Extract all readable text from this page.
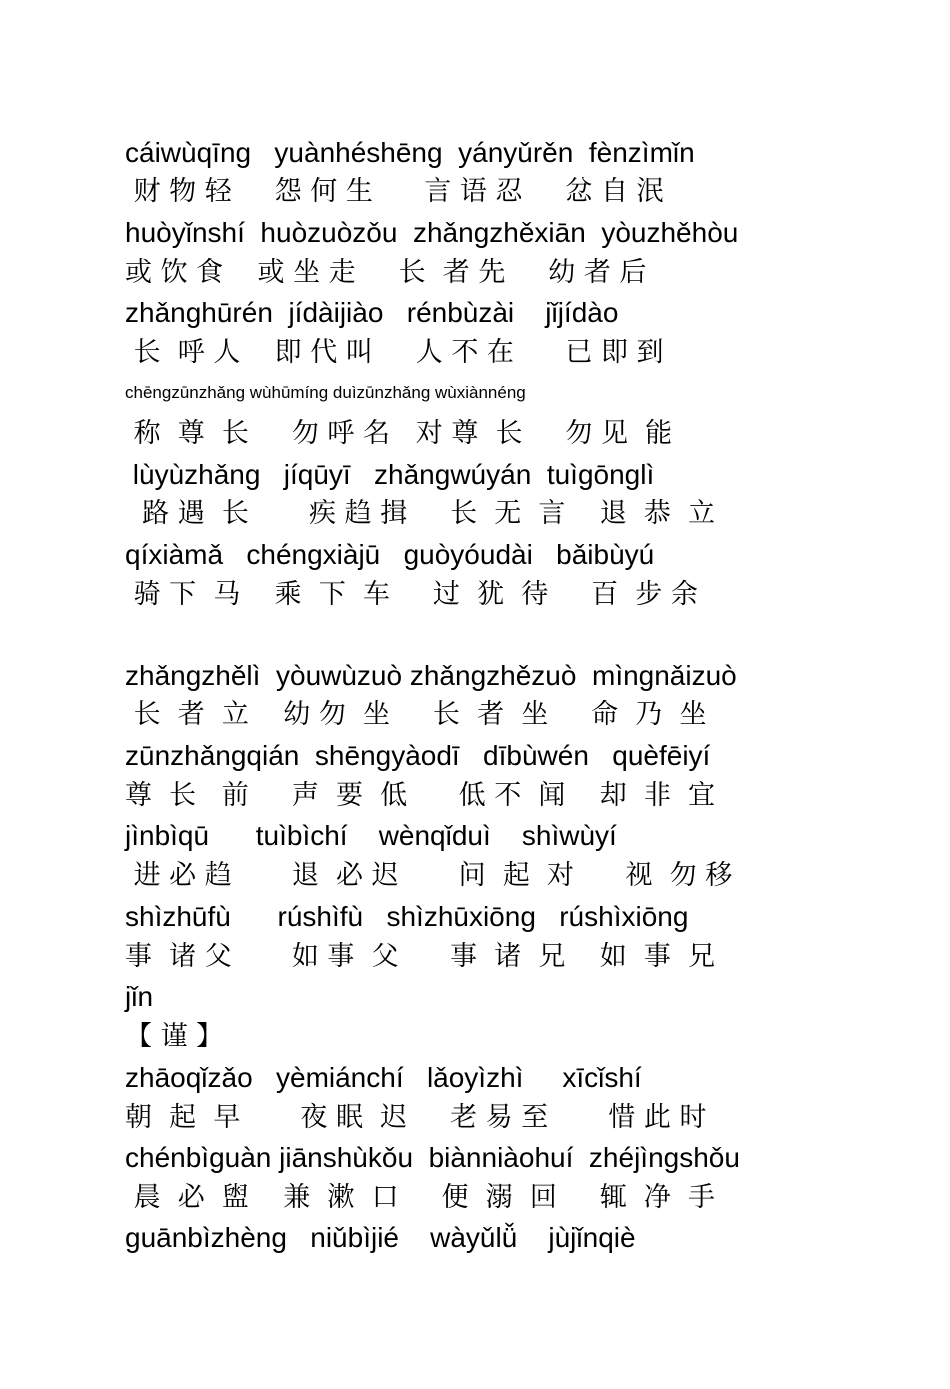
cáiwùqīng   yuànhéshēng  yányǔrěn  fènzìmǐn
财 物 轻     怨 何 生      言 语 忍     忿 自 泯
huòyǐnshí  huòzuòzǒu  zhǎngzhěxiān  yòuzhěhòu
或 饮 食    或 坐 走     长  者 先     幼 者 后
zhǎnghūrén  jídàijiào   rénbùzài    jǐjídào
长  呼 人    即 代 叫     人 不 在      已 即 到
chēngzūnzhǎng wùhūmíng duìzūnzhǎng wùxiànnéng
称  尊  长     勿 呼 名   对 尊  长     勿 见  能
lùyùzhǎng   jíqūyī   zhǎngwúyán  tuìgōnglì
路 遇  长       疾 趋 揖     长  无  言    退  恭  立
qíxiàmǎ   chéngxiàjū   guòyóudài   bǎibùyú
骑 下  马    乘  下  车     过  犹  待     百  步 余
zhǎngzhělì  yòuwùzuò zhǎngzhězuò  mìngnǎizuò
长  者  立    幼 勿  坐     长  者  坐     命  乃  坐
zūnzhǎngqián  shēngyàodī   dībùwén   quèfēiyí
尊  长   前     声  要  低      低 不  闻    却  非  宜
jìnbìqū      tuìbìchí    wènqǐduì    shìwùyí
进 必 趋       退  必 迟       问  起  对      视  勿 移
shìzhūfù      rúshìfù   shìzhūxiōng   rúshìxiōng
事  诸 父       如 事  父      事  诸  兄    如  事  兄
jǐn
【 谨 】
zhāoqǐzǎo   yèmiánchí   lǎoyìzhì     xīcǐshí
朝  起  早       夜 眠  迟     老 易 至       惜 此 时
chénbìguàn jiānshùkǒu  biànniàohuí  zhéjìngshǒu
晨  必  盥    兼  漱  口     便  溺  回     辄  净  手
guānbìzhèng   niǔbìjié    wàyǔlǚ    jùjǐnqiè
